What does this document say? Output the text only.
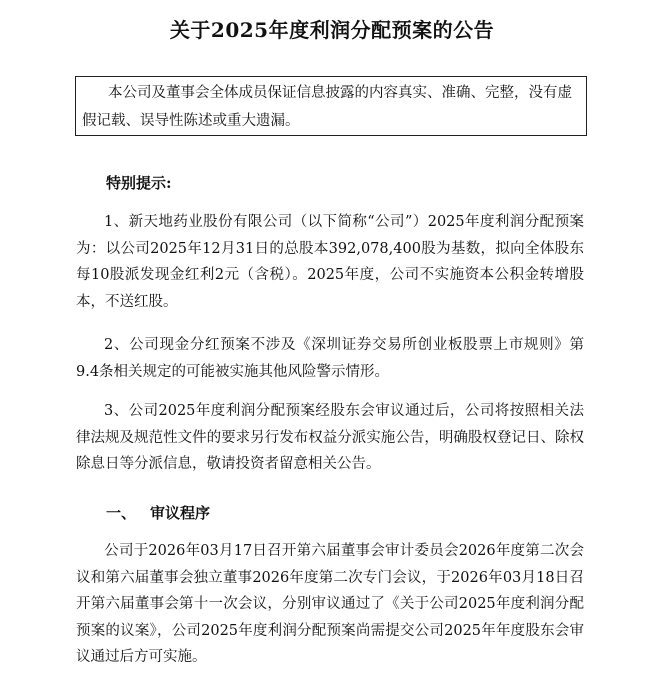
关于2025年度利润分配预案的公告
本公司及董事会全体成员保证信息披露的内容真实、准确、完整，没有虚假记载、误导性陈述或重大遗漏。
特别提示:
1、新天地药业股份有限公司（以下简称“公司”）2025年度利润分配预案为：以公司2025年12月31日的总股本392,078,400股为基数，拟向全体股东每10股派发现金红利2元（含税）。2025年度，公司不实施资本公积金转增股本，不送红股。
2、公司现金分红预案不涉及《深圳证券交易所创业板股票上市规则》第9.4条相关规定的可能被实施其他风险警示情形。
3、公司2025年度利润分配预案经股东会审议通过后，公司将按照相关法律法规及规范性文件的要求另行发布权益分派实施公告，明确股权登记日、除权除息日等分派信息，敬请投资者留意相关公告。
一、 审议程序
公司于2026年03月17日召开第六届董事会审计委员会2026年度第二次会议和第六届董事会独立董事2026年度第二次专门会议，于2026年03月18日召开第六届董事会第十一次会议，分别审议通过了《关于公司2025年度利润分配预案的议案》，公司2025年度利润分配预案尚需提交公司2025年年度股东会审议通过后方可实施。
